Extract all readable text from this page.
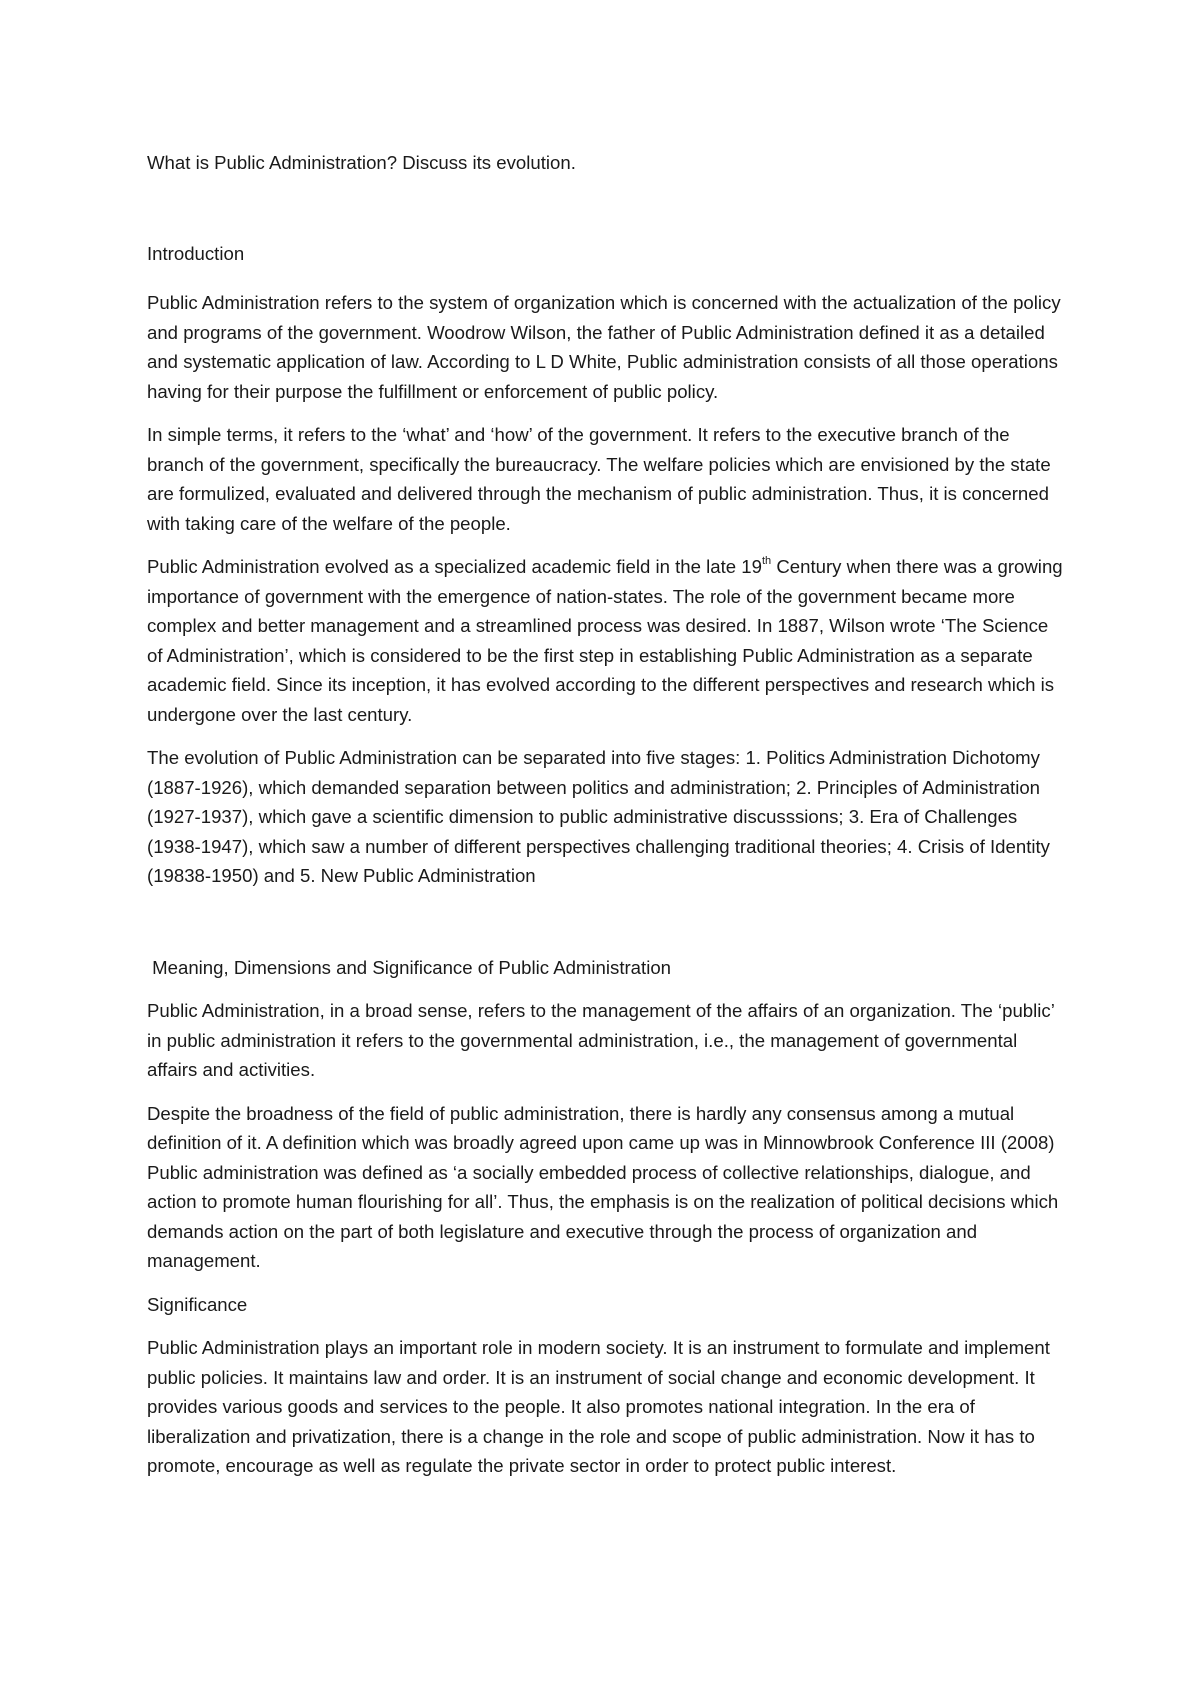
What is Public Administration? Discuss its evolution.

Introduction

Public Administration refers to the system of organization which is concerned with the actualization of the policy and programs of the government. Woodrow Wilson, the father of Public Administration defined it as a detailed and systematic application of law. According to L D White, Public administration consists of all those operations having for their purpose the fulfillment or enforcement of public policy.

In simple terms, it refers to the ‘what’ and ‘how’ of the government. It refers to the executive branch of the branch of the government, specifically the bureaucracy. The welfare policies which are envisioned by the state are formulized, evaluated and delivered through the mechanism of public administration. Thus, it is concerned with taking care of the welfare of the people.

Public Administration evolved as a specialized academic field in the late 19th Century when there was a growing importance of government with the emergence of nation-states. The role of the government became more complex and better management and a streamlined process was desired. In 1887, Wilson wrote ‘The Science of Administration’, which is considered to be the first step in establishing Public Administration as a separate academic field. Since its inception, it has evolved according to the different perspectives and research which is undergone over the last century.

The evolution of Public Administration can be separated into five stages: 1. Politics Administration Dichotomy (1887-1926), which demanded separation between politics and administration; 2. Principles of Administration (1927-1937), which gave a scientific dimension to public administrative discusssions; 3. Era of Challenges (1938-1947), which saw a number of different perspectives challenging traditional theories; 4. Crisis of Identity (19838-1950) and 5. New Public Administration

Meaning, Dimensions and Significance of Public Administration

Public Administration, in a broad sense, refers to the management of the affairs of an organization. The ‘public’ in public administration it refers to the governmental administration, i.e., the management of governmental affairs and activities.

Despite the broadness of the field of public administration, there is hardly any consensus among a mutual definition of it. A definition which was broadly agreed upon came up was in Minnowbrook Conference III (2008) Public administration was defined as ‘a socially embedded process of collective relationships, dialogue, and action to promote human flourishing for all’. Thus, the emphasis is on the realization of political decisions which demands action on the part of both legislature and executive through the process of organization and management.

Significance

Public Administration plays an important role in modern society. It is an instrument to formulate and implement public policies. It maintains law and order. It is an instrument of social change and economic development. It provides various goods and services to the people. It also promotes national integration. In the era of liberalization and privatization, there is a change in the role and scope of public administration. Now it has to promote, encourage as well as regulate the private sector in order to protect public interest.
